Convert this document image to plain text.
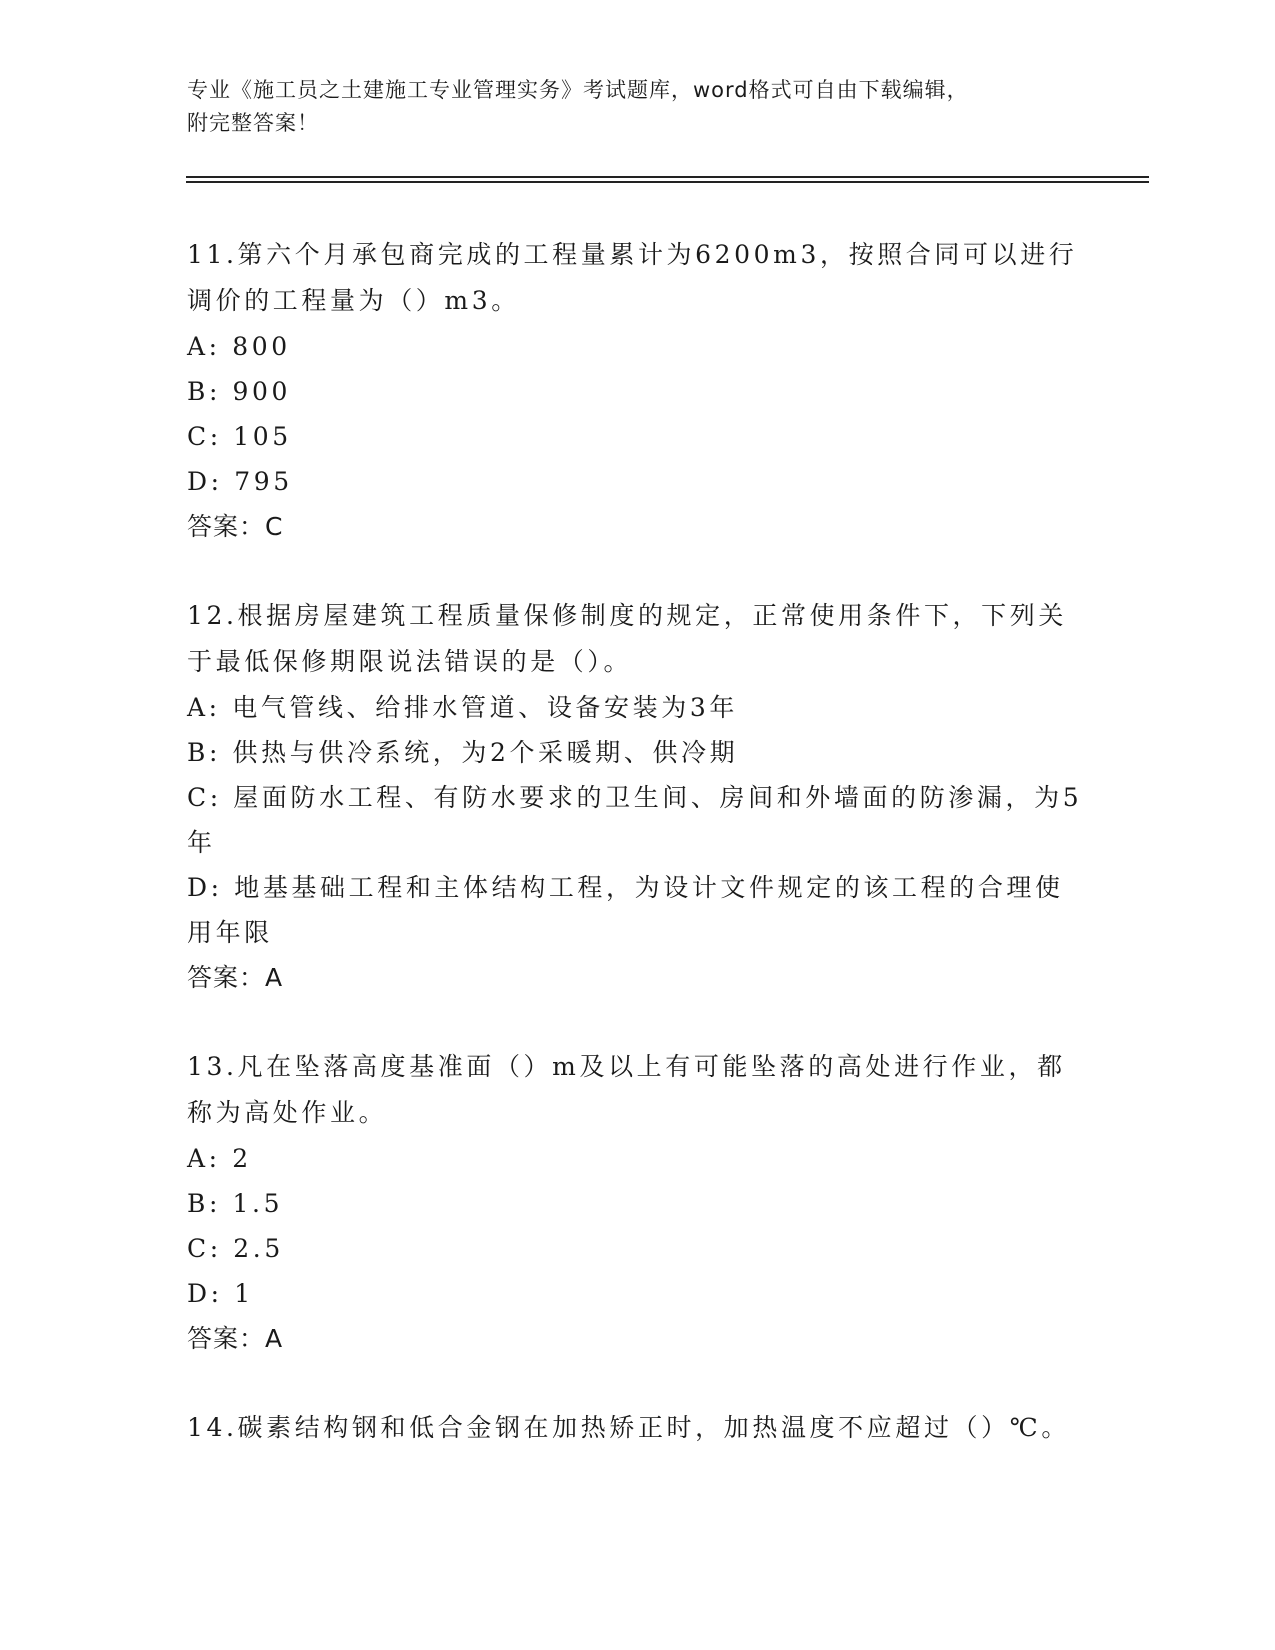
专业《施工员之土建施工专业管理实务》考试题库，word格式可自由下载编辑，
附完整答案！
11.第六个月承包商完成的工程量累计为6200m3，按照合同可以进行调价的工程量为（）m3。
A: 800
B: 900
C: 105
D: 795
答案：C
12.根据房屋建筑工程质量保修制度的规定，正常使用条件下，下列关于最低保修期限说法错误的是（）。
A: 电气管线、给排水管道、设备安装为3年
B: 供热与供冷系统，为2个采暖期、供冷期
C: 屋面防水工程、有防水要求的卫生间、房间和外墙面的防渗漏，为5年
D: 地基基础工程和主体结构工程，为设计文件规定的该工程的合理使用年限
答案：A
13.凡在坠落高度基准面（）m及以上有可能坠落的高处进行作业，都称为高处作业。
A: 2
B: 1.5
C: 2.5
D: 1
答案：A
14.碳素结构钢和低合金钢在加热矫正时，加热温度不应超过（）℃。
